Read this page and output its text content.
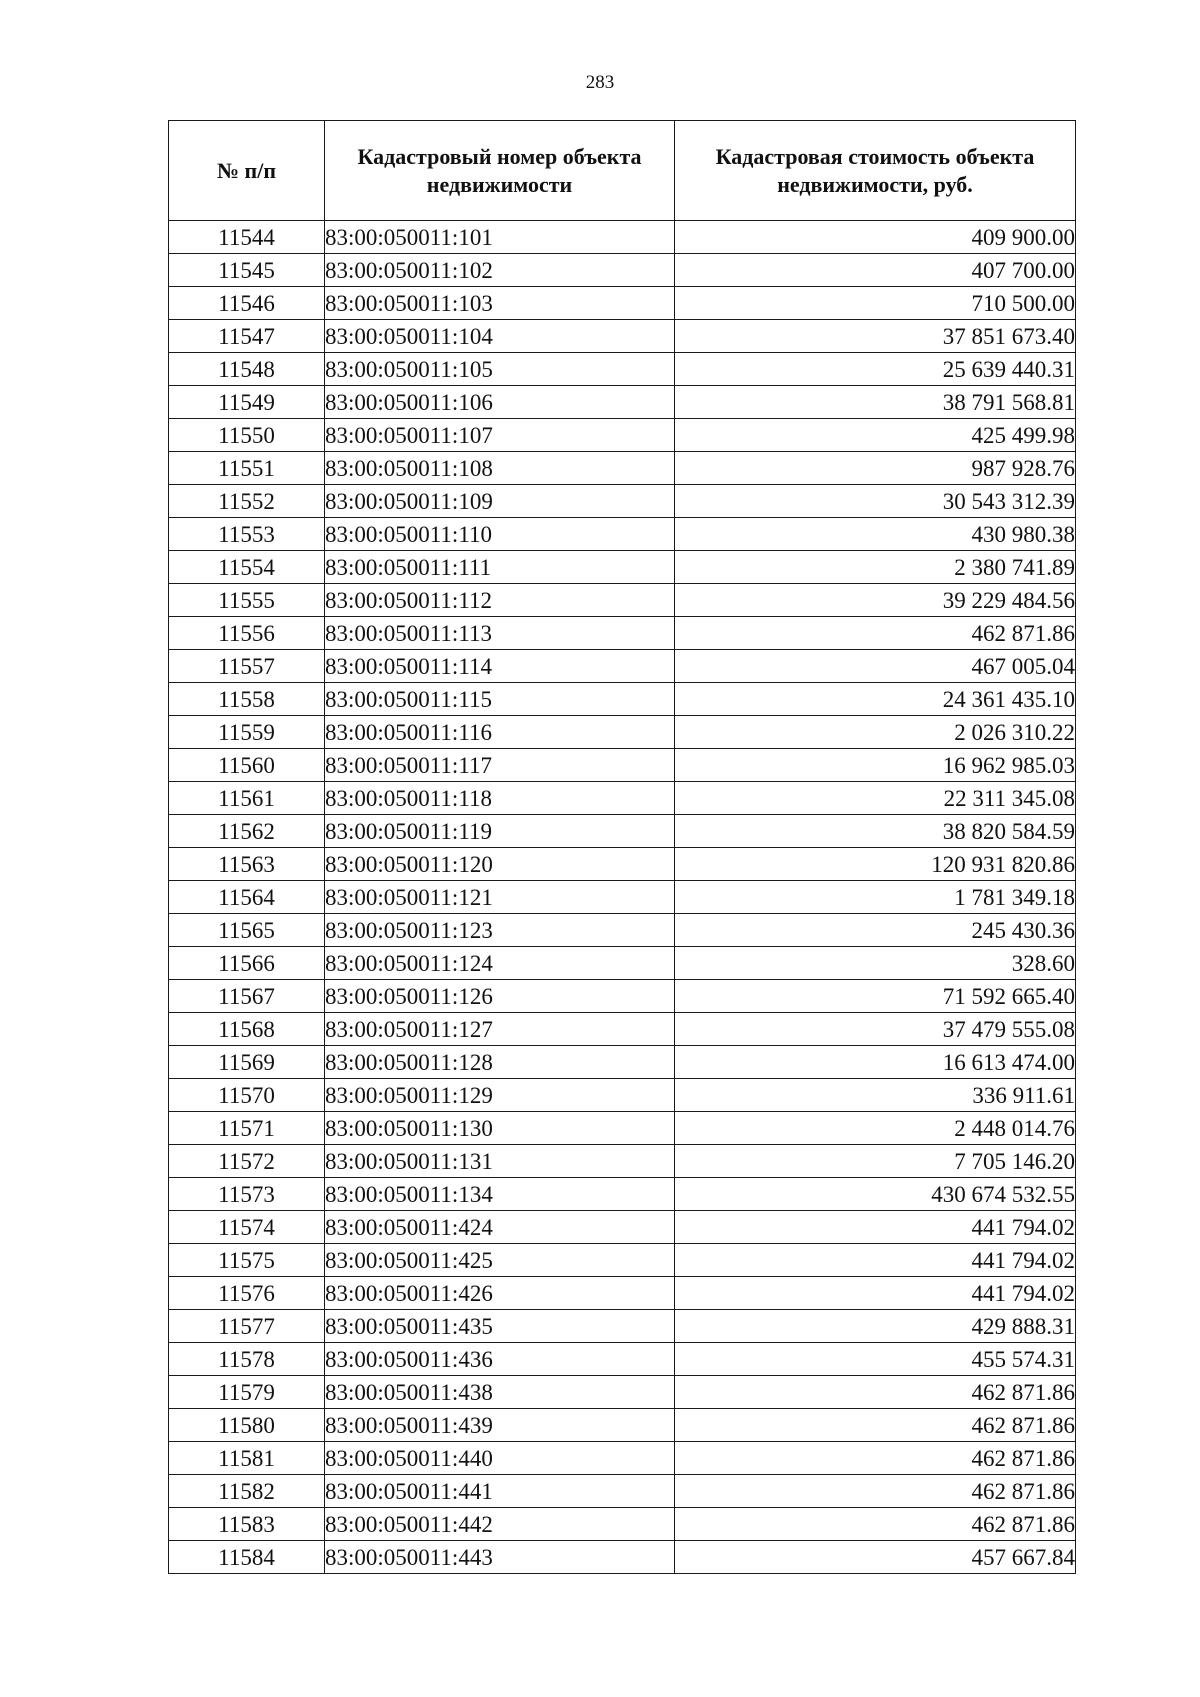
283
№ п/п	Кадастровый номер объекта недвижимости	Кадастровая стоимость объекта недвижимости, руб.
11544	83:00:050011:101	409 900.00
11545	83:00:050011:102	407 700.00
11546	83:00:050011:103	710 500.00
11547	83:00:050011:104	37 851 673.40
11548	83:00:050011:105	25 639 440.31
11549	83:00:050011:106	38 791 568.81
11550	83:00:050011:107	425 499.98
11551	83:00:050011:108	987 928.76
11552	83:00:050011:109	30 543 312.39
11553	83:00:050011:110	430 980.38
11554	83:00:050011:111	2 380 741.89
11555	83:00:050011:112	39 229 484.56
11556	83:00:050011:113	462 871.86
11557	83:00:050011:114	467 005.04
11558	83:00:050011:115	24 361 435.10
11559	83:00:050011:116	2 026 310.22
11560	83:00:050011:117	16 962 985.03
11561	83:00:050011:118	22 311 345.08
11562	83:00:050011:119	38 820 584.59
11563	83:00:050011:120	120 931 820.86
11564	83:00:050011:121	1 781 349.18
11565	83:00:050011:123	245 430.36
11566	83:00:050011:124	328.60
11567	83:00:050011:126	71 592 665.40
11568	83:00:050011:127	37 479 555.08
11569	83:00:050011:128	16 613 474.00
11570	83:00:050011:129	336 911.61
11571	83:00:050011:130	2 448 014.76
11572	83:00:050011:131	7 705 146.20
11573	83:00:050011:134	430 674 532.55
11574	83:00:050011:424	441 794.02
11575	83:00:050011:425	441 794.02
11576	83:00:050011:426	441 794.02
11577	83:00:050011:435	429 888.31
11578	83:00:050011:436	455 574.31
11579	83:00:050011:438	462 871.86
11580	83:00:050011:439	462 871.86
11581	83:00:050011:440	462 871.86
11582	83:00:050011:441	462 871.86
11583	83:00:050011:442	462 871.86
11584	83:00:050011:443	457 667.84
